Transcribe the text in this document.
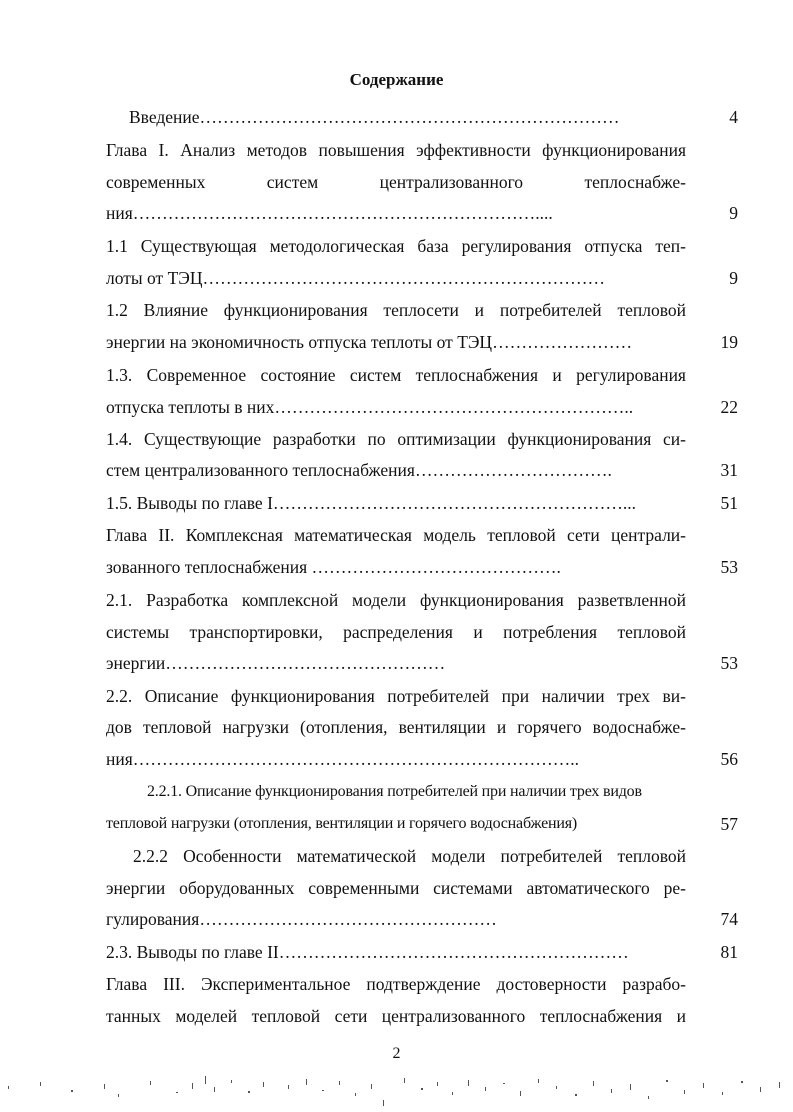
Содержание
Введение………………………………………………………………	4
Глава I. Анализ методов повышения эффективности функционирования
современных систем централизованного теплоснабже-
ния……………………………………………………………....	9
1.1 Существующая методологическая база регулирования отпуска теп-
лоты от ТЭЦ……………………………………………………………	9
1.2 Влияние функционирования теплосети и потребителей тепловой
энергии на экономичность отпуска теплоты от ТЭЦ……………………	19
1.3. Современное состояние систем теплоснабжения и регулирования
отпуска теплоты в них……………………………………………………..	22
1.4. Существующие разработки по оптимизации функционирования си-
стем централизованного теплоснабжения…………………………….	31
1.5. Выводы по главе I……………………………………………………...	51
Глава II. Комплексная математическая модель тепловой сети централи-
зованного теплоснабжения …………………………………….	53
2.1. Разработка комплексной модели функционирования разветвленной
системы транспортировки, распределения и потребления тепловой
энергии…………………………………………	53
2.2. Описание функционирования потребителей при наличии трех ви-
дов тепловой нагрузки (отопления, вентиляции и горячего водоснабже-
ния…………………………………………………………………..	56
2.2.1. Описание функционирования потребителей при наличии трех видов
тепловой нагрузки (отопления, вентиляции и горячего водоснабжения)	57
2.2.2 Особенности математической модели потребителей тепловой
энергии оборудованных современными системами автоматического ре-
гулирования……………………………………………	74
2.3. Выводы по главе II……………………………………………………	81
Глава III. Экспериментальное подтверждение достоверности разрабо-
танных моделей тепловой сети централизованного теплоснабжения и
2
